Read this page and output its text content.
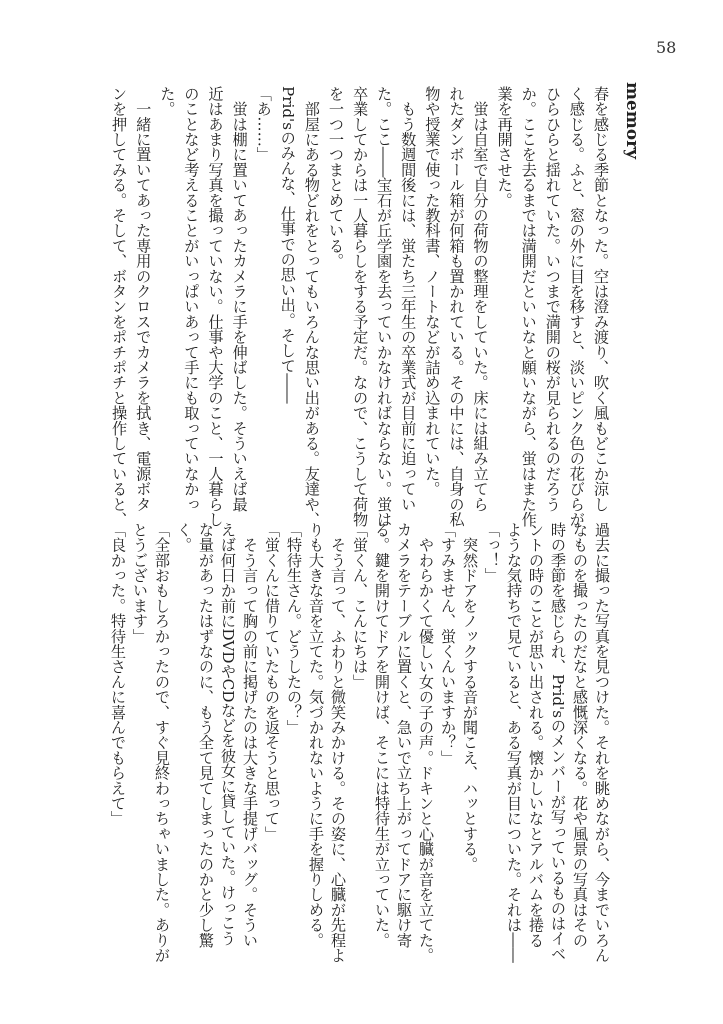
58
memory
春を感じる季節となった。空は澄み渡り、吹く風もどこか涼し
く感じる。ふと、窓の外に目を移すと、淡いピンク色の花びらが
ひらひらと揺れていた。いつまで満開の桜が見られるのだろう
か。ここを去るまでは満開だといいなと願いながら、蛍はまた作
業を再開させた。
　蛍は自室で自分の荷物の整理をしていた。床には組み立てら
れたダンボール箱が何箱も置かれている。その中には、自身の私
物や授業で使った教科書、ノートなどが詰め込まれていた。
　もう数週間後には、蛍たち三年生の卒業式が目前に迫ってい
た。ここ――宝石が丘学園を去っていかなければならない。蛍は
卒業してからは一人暮らしをする予定だ。なので、こうして荷物
を一つ一つまとめている。
　部屋にある物どれをとってもいろんな思い出がある。友達や、
Prid'sのみんな、仕事での思い出。そして――
「あ……」
　蛍は棚に置いてあったカメラに手を伸ばした。そういえば最
近はあまり写真を撮っていない。仕事や大学のこと、一人暮らし
のことなど考えることがいっぱいあって手にも取っていなかっ
た。
　一緒に置いてあった専用のクロスでカメラを拭き、電源ボタ
ンを押してみる。そして、ボタンをポチポチと操作していると、
過去に撮った写真を見つけた。それを眺めながら、今までいろん
なものを撮ったのだなと感慨深くなる。花や風景の写真はその
時の季節を感じられ、Prid'sのメンバーが写っているものはイベ
ントの時のことが思い出される。懐かしいなとアルバムを捲る
ような気持ちで見ていると、ある写真が目についた。それは――
「っ！」
　突然ドアをノックする音が聞こえ、ハッとする。
「すみません、蛍くんいますか？」
　やわらかくて優しい女の子の声。ドキンと心臓が音を立てた。
カメラをテーブルに置くと、急いで立ち上がってドアに駆け寄
る。鍵を開けてドアを開けば、そこには特待生が立っていた。
「蛍くん、こんにちは」
　そう言って、ふわりと微笑みかける。その姿に、心臓が先程よ
りも大きな音を立てた。気づかれないように手を握りしめる。
「特待生さん。どうしたの？」
「蛍くんに借りていたものを返そうと思って」
　そう言って胸の前に掲げたのは大きな手提げバッグ。そうい
えば何日か前にDVDやCDなどを彼女に貸していた。けっこう
な量があったはずなのに、もう全て見てしまったのかと少し驚
く。
「全部おもしろかったので、すぐ見終わっちゃいました。ありが
とうございます」
「良かった。特待生さんに喜んでもらえて」
